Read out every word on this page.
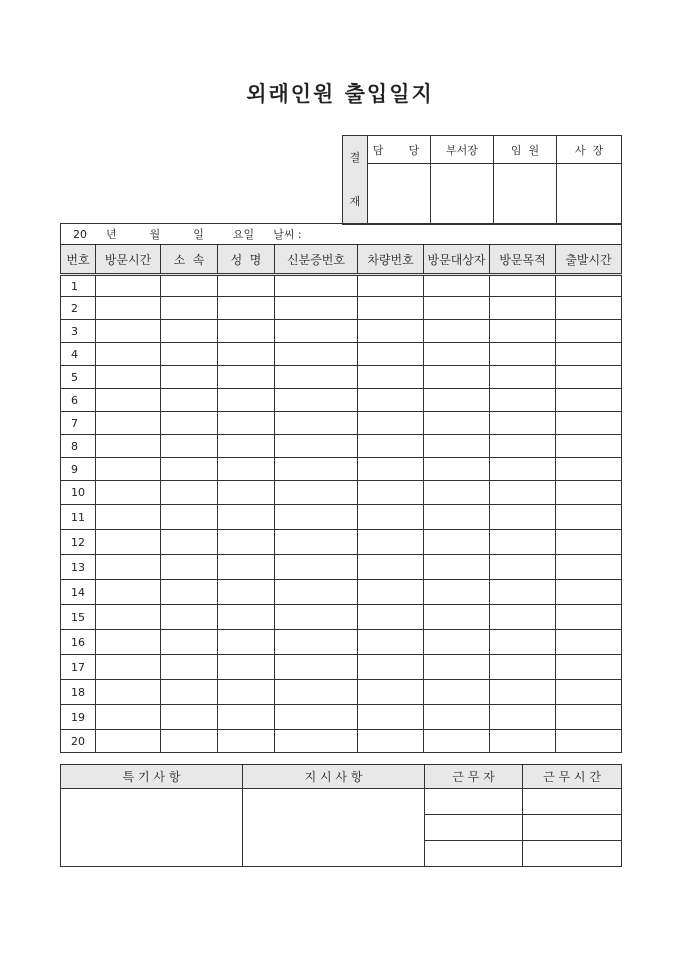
외래인원 출입일지
결
재	담  당	부서장	임  원	사  장

20 년 월 일 요일 날씨 :								
번호	방문시간	소  속	성  명	신분증번호	차량번호	방문대상자	방문목적	출발시간
1								
2								
3								
4								
5								
6								
7								
8								
9								
10								
11								
12								
13								
14								
15								
16								
17								
18								
19								
20								
특 기 사 항	지 시 사 항	근 무 자	근 무 시 간
